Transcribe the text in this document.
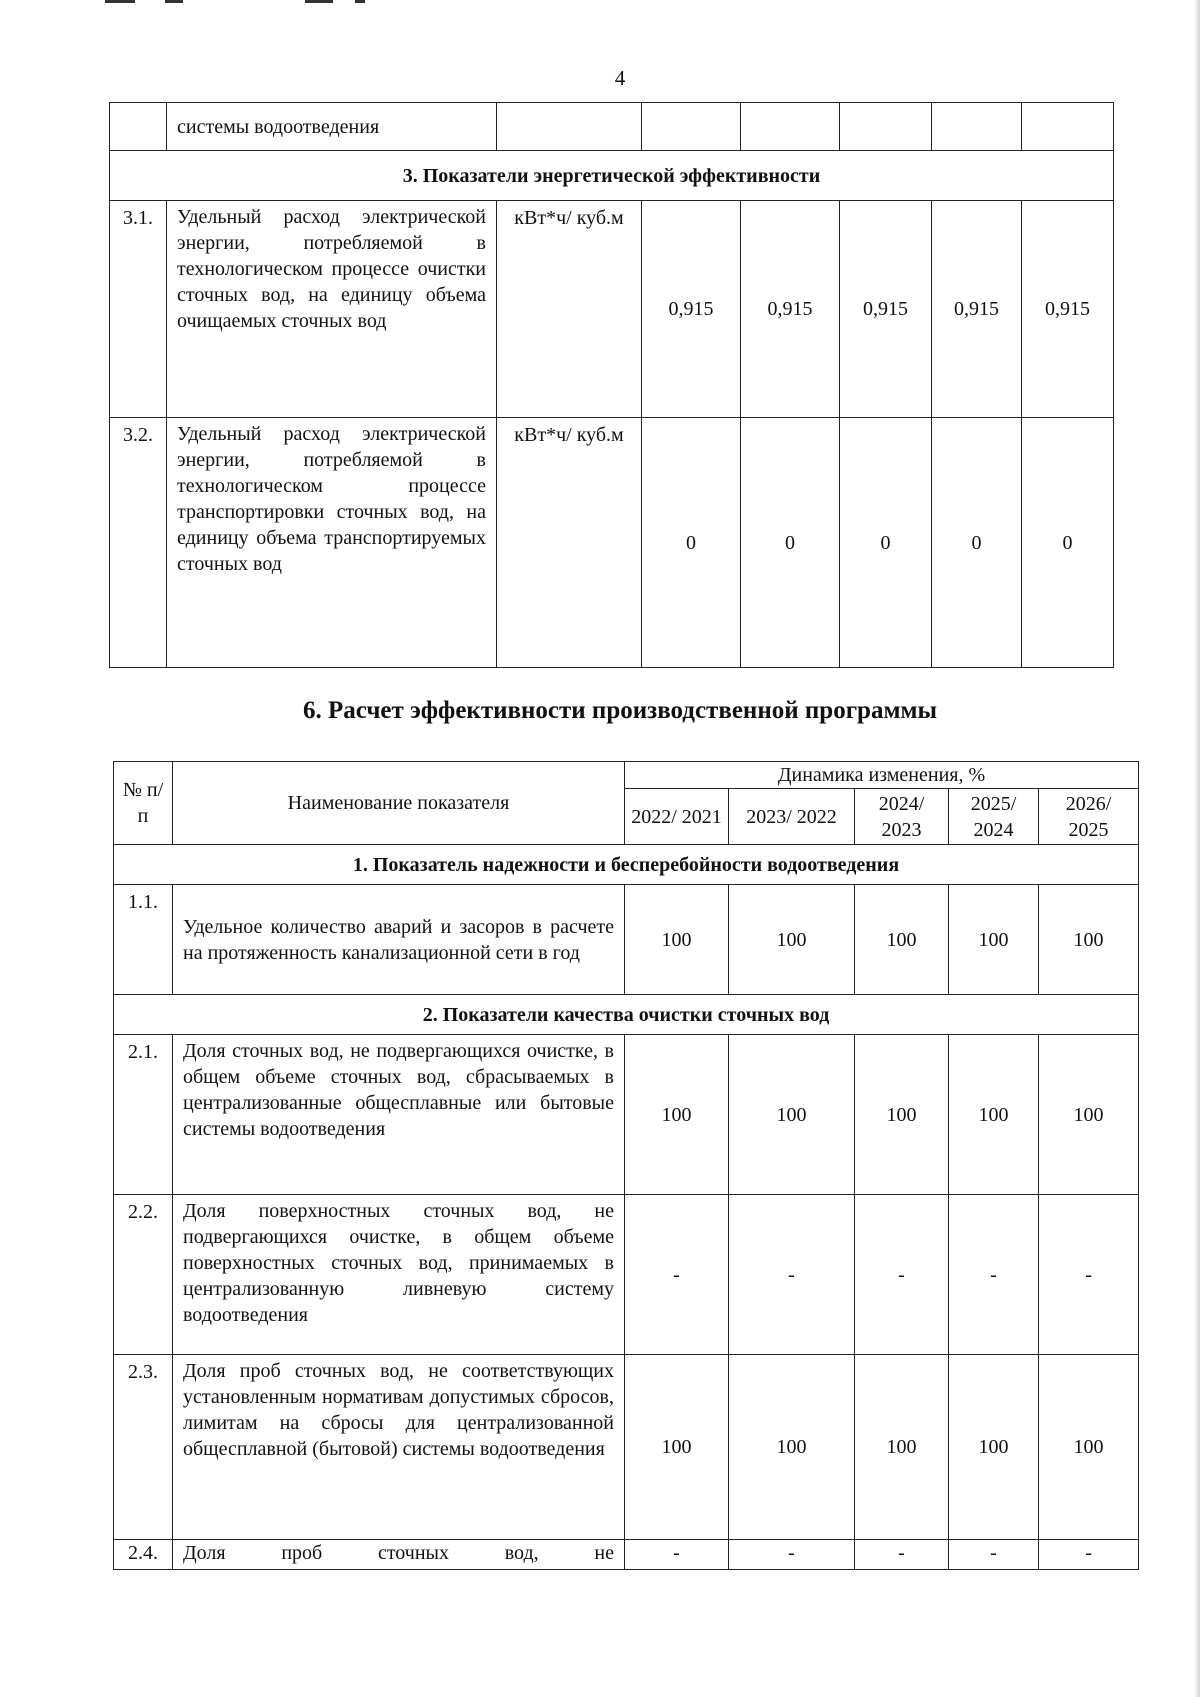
4
	системы водоотведения						
3. Показатели энергетической эффективности							
3.1.	Удельный расход электрической энергии, потребляемой в технологическом процессе очистки сточных вод, на единицу объема очищаемых сточных вод	кВт*ч/ куб.м	0,915	0,915	0,915	0,915	0,915
3.2.	Удельный расход электрической энергии, потребляемой в технологическом процессе транспортировки сточных вод, на единицу объема транспортируемых сточных вод	кВт*ч/ куб.м	0	0	0	0	0
6. Расчет эффективности производственной программы
№ п/п	Наименование показателя	Динамика изменения, %				
		2022/ 2021	2023/ 2022	2024/ 2023	2025/ 2024	2026/ 2025
1. Показатель надежности и бесперебойности водоотведения						
1.1.	Удельное количество аварий и засоров в расчете на протяженность канализационной сети в год	100	100	100	100	100
2. Показатели качества очистки сточных вод						
2.1.	Доля сточных вод, не подвергающихся очистке, в общем объеме сточных вод, сбрасываемых в централизованные общесплавные или бытовые системы водоотведения	100	100	100	100	100
2.2.	Доля поверхностных сточных вод, не подвергающихся очистке, в общем объеме поверхностных сточных вод, принимаемых в централизованную ливневую систему водоотведения	-	-	-	-	-
2.3.	Доля проб сточных вод, не соответствующих установленным нормативам допустимых сбросов, лимитам на сбросы для централизованной общесплавной (бытовой) системы водоотведения	100	100	100	100	100
2.4.	Доля проб сточных вод, не	-	-	-	-	-
